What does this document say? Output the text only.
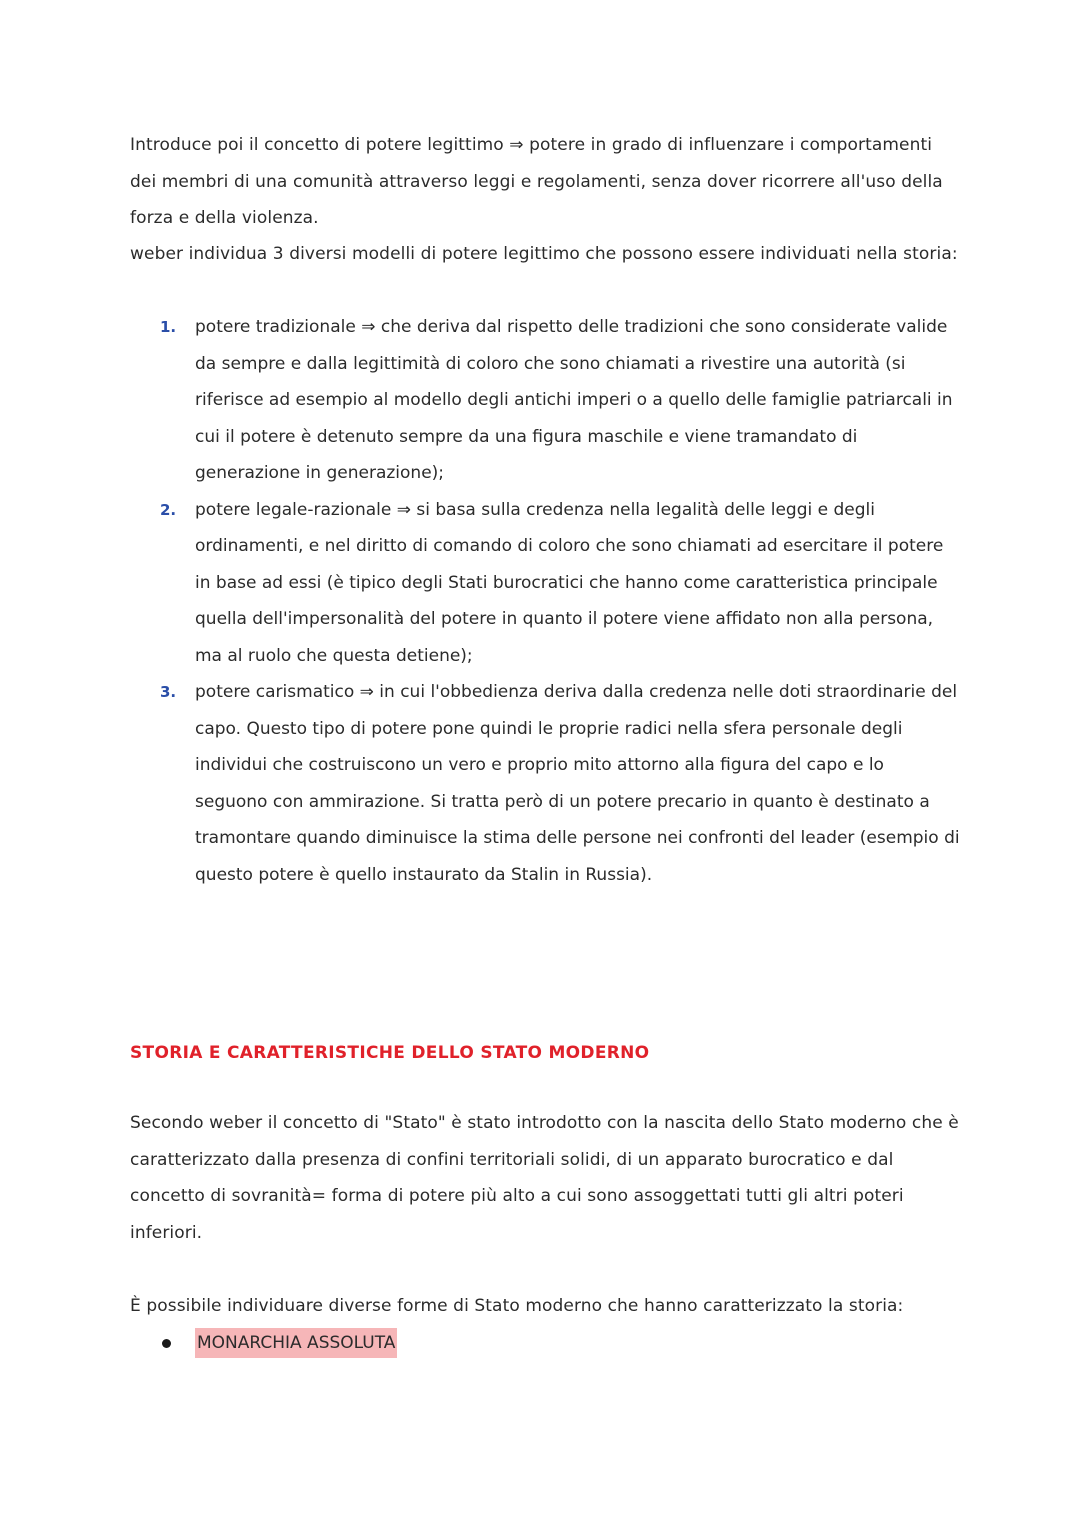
Introduce poi il concetto di potere legittimo ⇒ potere in grado di influenzare i comportamenti dei membri di una comunità attraverso leggi e regolamenti, senza dover ricorrere all'uso della forza e della violenza.

weber individua 3 diversi modelli di potere legittimo che possono essere individuati nella storia:

1. potere tradizionale ⇒ che deriva dal rispetto delle tradizioni che sono considerate valide da sempre e dalla legittimità di coloro che sono chiamati a rivestire una autorità (si riferisce ad esempio al modello degli antichi imperi o a quello delle famiglie patriarcali in cui il potere è detenuto sempre da una figura maschile e viene tramandato di generazione in generazione);
2. potere legale-razionale ⇒ si basa sulla credenza nella legalità delle leggi e degli ordinamenti, e nel diritto di comando di coloro che sono chiamati ad esercitare il potere in base ad essi (è tipico degli Stati burocratici che hanno come caratteristica principale quella dell'impersonalità del potere in quanto il potere viene affidato non alla persona, ma al ruolo che questa detiene);
3. potere carismatico ⇒ in cui l'obbedienza deriva dalla credenza nelle doti straordinarie del capo. Questo tipo di potere pone quindi le proprie radici nella sfera personale degli individui che costruiscono un vero e proprio mito attorno alla figura del capo e lo seguono con ammirazione. Si tratta però di un potere precario in quanto è destinato a tramontare quando diminuisce la stima delle persone nei confronti del leader (esempio di questo potere è quello instaurato da Stalin in Russia).
STORIA E CARATTERISTICHE DELLO STATO MODERNO

Secondo weber il concetto di "Stato" è stato introdotto con la nascita dello Stato moderno che è caratterizzato dalla presenza di confini territoriali solidi, di un apparato burocratico e dal concetto di sovranità= forma di potere più alto a cui sono assoggettati tutti gli altri poteri inferiori.

È possibile individuare diverse forme di Stato moderno che hanno caratterizzato la storia:

MONARCHIA ASSOLUTA
